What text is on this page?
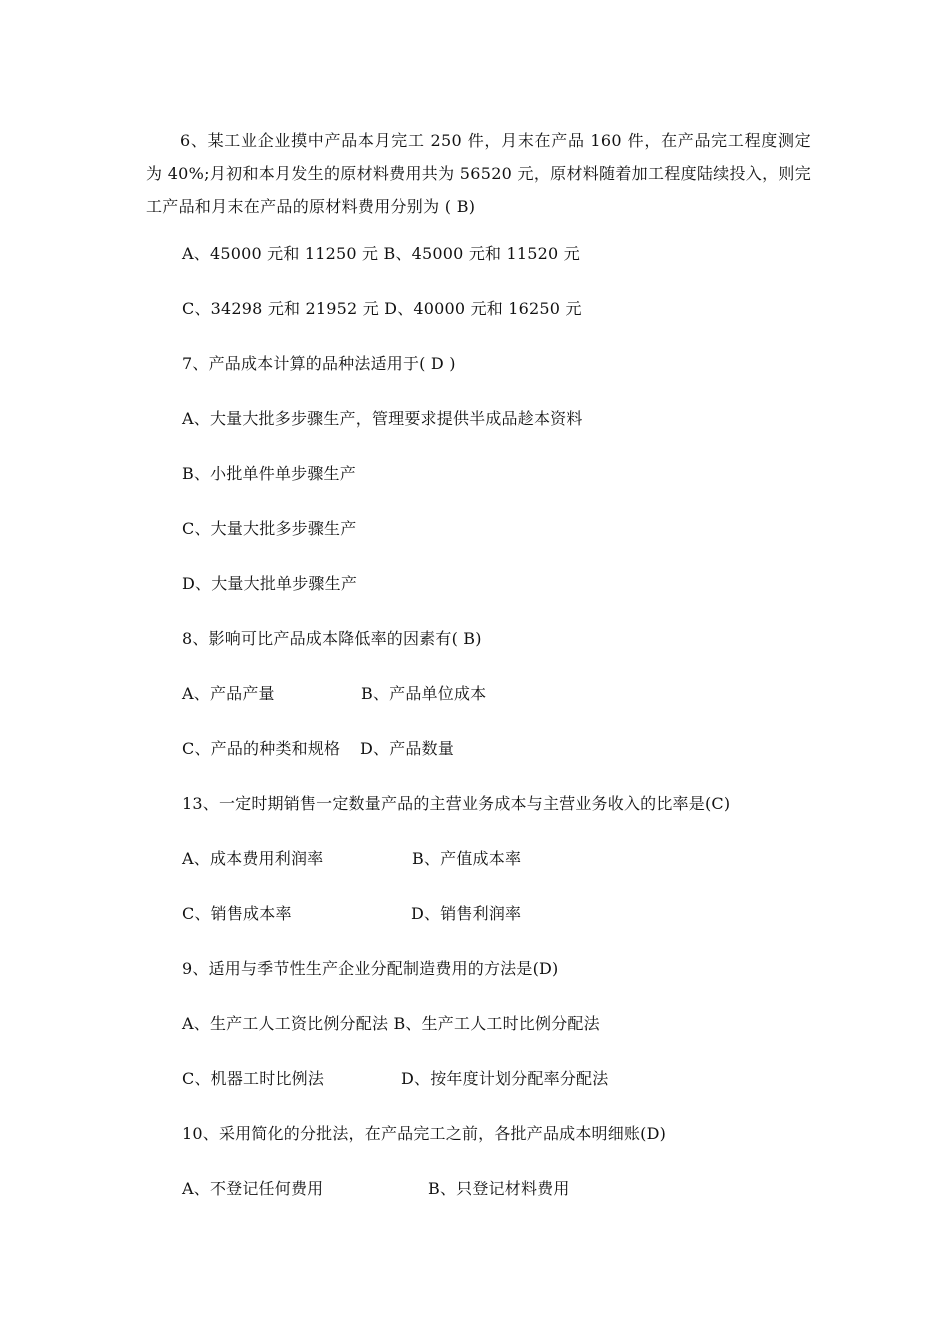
6、某工业企业摸中产品本月完工 250 件，月末在产品 160 件，在产品完工程度测定为 40%;月初和本月发生的原材料费用共为 56520 元，原材料随着加工程度陆续投入，则完工产品和月末在产品的原材料费用分别为 ( B)
A、45000 元和 11250 元 B、45000 元和 11520 元
C、34298 元和 21952 元 D、40000 元和 16250 元
7、产品成本计算的品种法适用于( D )
A、大量大批多步骤生产，管理要求提供半成品趁本资料
B、小批单件单步骤生产
C、大量大批多步骤生产
D、大量大批单步骤生产
8、影响可比产品成本降低率的因素有( B)
A、产品产量	B、产品单位成本
C、产品的种类和规格 D、产品数量
13、一定时期销售一定数量产品的主营业务成本与主营业务收入的比率是(C)
A、成本费用利润率	B、产值成本率
C、销售成本率	D、销售利润率
9、适用与季节性生产企业分配制造费用的方法是(D)
A、生产工人工资比例分配法 B、生产工人工时比例分配法
C、机器工时比例法	D、按年度计划分配率分配法
10、采用简化的分批法，在产品完工之前，各批产品成本明细账(D)
A、不登记任何费用	B、只登记材料费用
